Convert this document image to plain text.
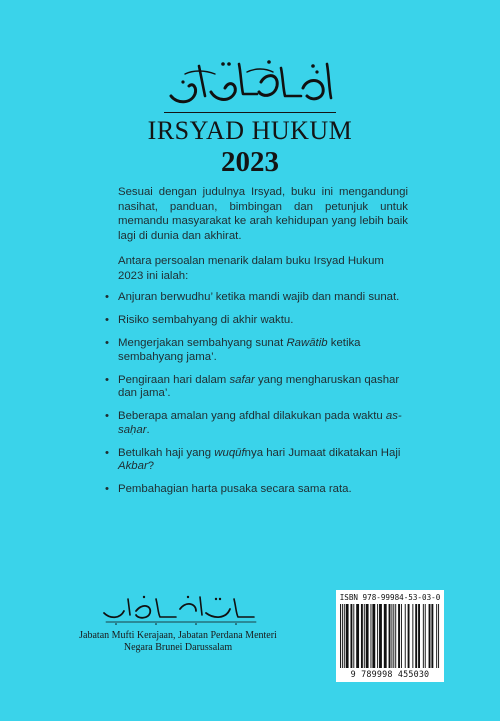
IRSYAD HUKUM
2023
Sesuai dengan judulnya Irsyad, buku ini mengandungi nasihat, panduan, bimbingan dan petunjuk untuk memandu masyarakat ke arah kehidupan yang lebih baik lagi di dunia dan akhirat.
Antara persoalan menarik dalam buku Irsyad Hukum 2023 ini ialah:
• Anjuran berwudhu’ ketika mandi wajib dan mandi sunat.
• Risiko sembahyang di akhir waktu.
• Mengerjakan sembahyang sunat Rawātib ketika sembahyang jama’.
• Pengiraan hari dalam safar yang mengharuskan qashar dan jama’.
• Beberapa amalan yang afdhal dilakukan pada waktu as-saḥar.
• Betulkah haji yang wuqūfnya hari Jumaat dikatakan Haji Akbar?
• Pembahagian harta pusaka secara sama rata.
Jabatan Mufti Kerajaan, Jabatan Perdana Menteri
Negara Brunei Darussalam
ISBN 978-99984-53-03-0
9 789998 455030
